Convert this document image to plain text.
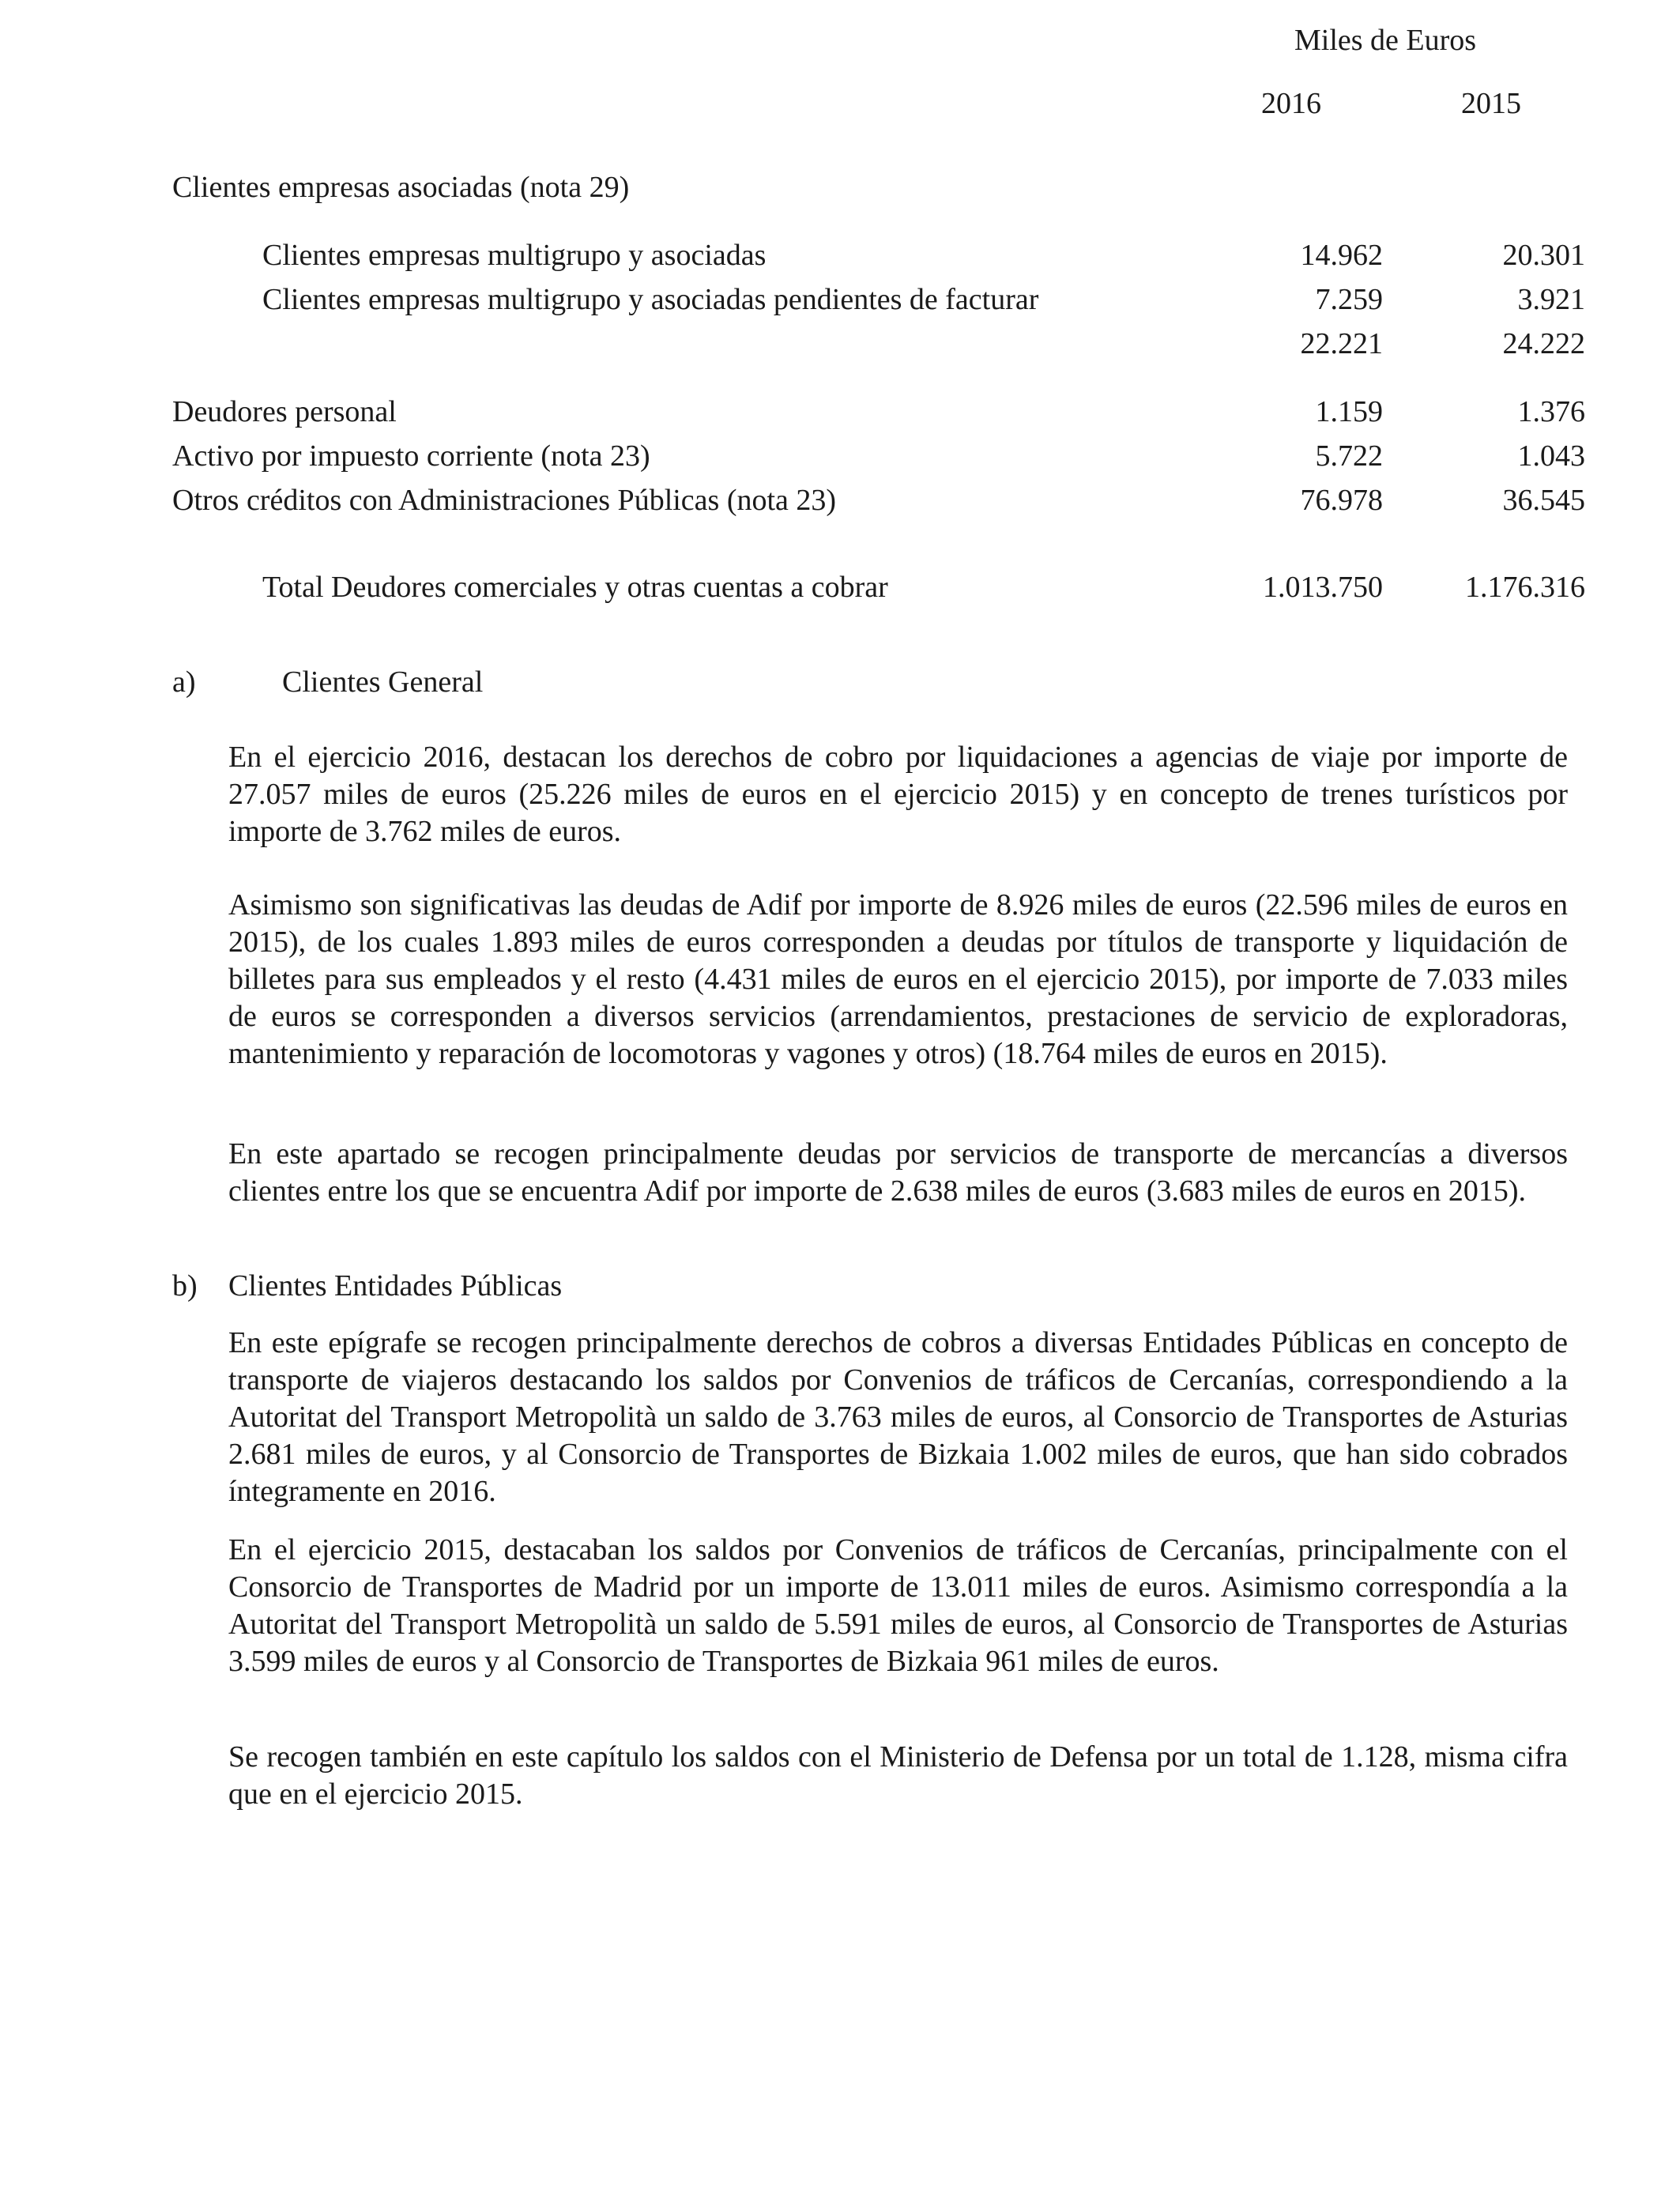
Miles de Euros
2016	2015
Clientes empresas asociadas (nota 29)
Clientes empresas multigrupo y asociadas	14.962	20.301
Clientes empresas multigrupo y asociadas pendientes de facturar	7.259	3.921
22.221	24.222
Deudores personal	1.159	1.376
Activo por impuesto corriente (nota 23)	5.722	1.043
Otros créditos con Administraciones Públicas (nota 23)	76.978	36.545
Total Deudores comerciales y otras cuentas a cobrar	1.013.750	1.176.316
a)	Clientes General

En el ejercicio 2016, destacan los derechos de cobro por liquidaciones a agencias de viaje por importe de 27.057 miles de euros (25.226 miles de euros en el ejercicio 2015) y en concepto de trenes turísticos por importe de 3.762 miles de euros.

Asimismo son significativas las deudas de Adif por importe de 8.926 miles de euros (22.596 miles de euros en 2015), de los cuales 1.893 miles de euros corresponden a deudas por títulos de transporte y liquidación de billetes para sus empleados y el resto (4.431 miles de euros en el ejercicio 2015), por importe de 7.033 miles de euros se corresponden a diversos servicios (arrendamientos, prestaciones de servicio de exploradoras, mantenimiento y reparación de locomotoras y vagones y otros) (18.764 miles de euros en 2015).

En este apartado se recogen principalmente deudas por servicios de transporte de mercancías a diversos clientes entre los que se encuentra Adif por importe de 2.638 miles de euros (3.683 miles de euros en 2015).

b) Clientes Entidades Públicas

En este epígrafe se recogen principalmente derechos de cobros a diversas Entidades Públicas en concepto de transporte de viajeros destacando los saldos por Convenios de tráficos de Cercanías, correspondiendo a la Autoritat del Transport Metropolità un saldo de 3.763 miles de euros, al Consorcio de Transportes de Asturias 2.681 miles de euros, y al Consorcio de Transportes de Bizkaia 1.002 miles de euros, que han sido cobrados íntegramente en 2016.

En el ejercicio 2015, destacaban los saldos por Convenios de tráficos de Cercanías, principalmente con el Consorcio de Transportes de Madrid por un importe de 13.011 miles de euros. Asimismo correspondía a la Autoritat del Transport Metropolità un saldo de 5.591 miles de euros, al Consorcio de Transportes de Asturias 3.599 miles de euros y al Consorcio de Transportes de Bizkaia 961 miles de euros.

Se recogen también en este capítulo los saldos con el Ministerio de Defensa por un total de 1.128, misma cifra que en el ejercicio 2015.
